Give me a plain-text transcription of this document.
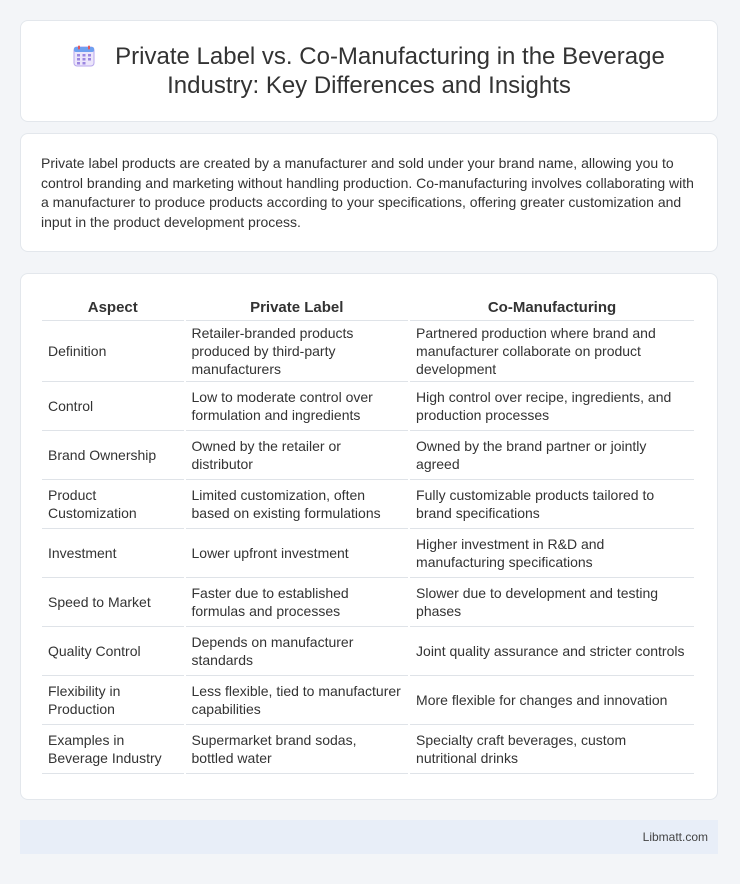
Private Label vs. Co-Manufacturing in the Beverage Industry: Key Differences and Insights

Private label products are created by a manufacturer and sold under your brand name, allowing you to control branding and marketing without handling production. Co-manufacturing involves collaborating with a manufacturer to produce products according to your specifications, offering greater customization and input in the product development process.

Aspect	Private Label	Co-Manufacturing
Definition	Retailer-branded products produced by third-party manufacturers	Partnered production where brand and manufacturer collaborate on product development
Control	Low to moderate control over formulation and ingredients	High control over recipe, ingredients, and production processes
Brand Ownership	Owned by the retailer or distributor	Owned by the brand partner or jointly agreed
Product Customization	Limited customization, often based on existing formulations	Fully customizable products tailored to brand specifications
Investment	Lower upfront investment	Higher investment in R&D and manufacturing specifications
Speed to Market	Faster due to established formulas and processes	Slower due to development and testing phases
Quality Control	Depends on manufacturer standards	Joint quality assurance and stricter controls
Flexibility in Production	Less flexible, tied to manufacturer capabilities	More flexible for changes and innovation
Examples in Beverage Industry	Supermarket brand sodas, bottled water	Specialty craft beverages, custom nutritional drinks
Libmatt.com
